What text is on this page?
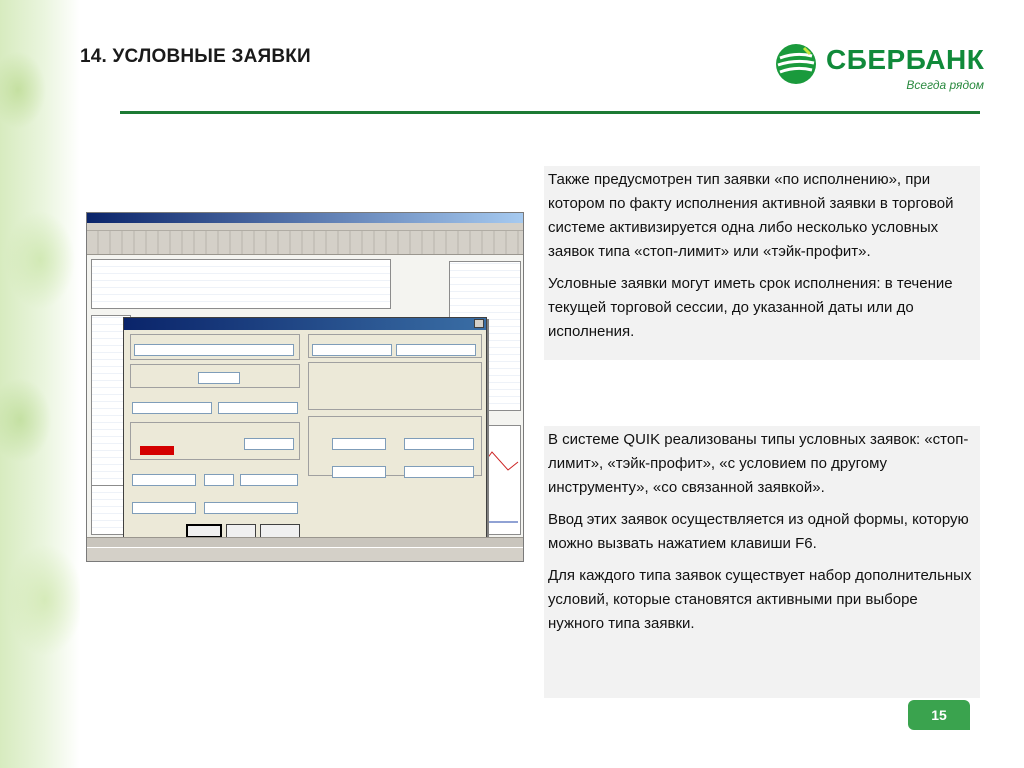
14. УСЛОВНЫЕ ЗАЯВКИ	СБЕРБАНК
Всегда рядом

Также предусмотрен тип заявки «по исполнению», при котором по факту исполнения активной заявки в торговой системе активизируется одна либо несколько условных заявок типа «стоп-лимит» или «тэйк-профит».

Условные заявки могут иметь срок исполнения: в течение текущей торговой сессии, до указанной даты или до исполнения.

В системе QUIK реализованы типы условных заявок: «стоп-лимит», «тэйк-профит», «с условием по другому инструменту», «со связанной заявкой».

Ввод этих заявок осуществляется из одной формы, которую можно вызвать нажатием клавиши F6.

Для каждого типа заявок существует набор дополнительных условий, которые становятся активными при выборе нужного типа заявки.

15
